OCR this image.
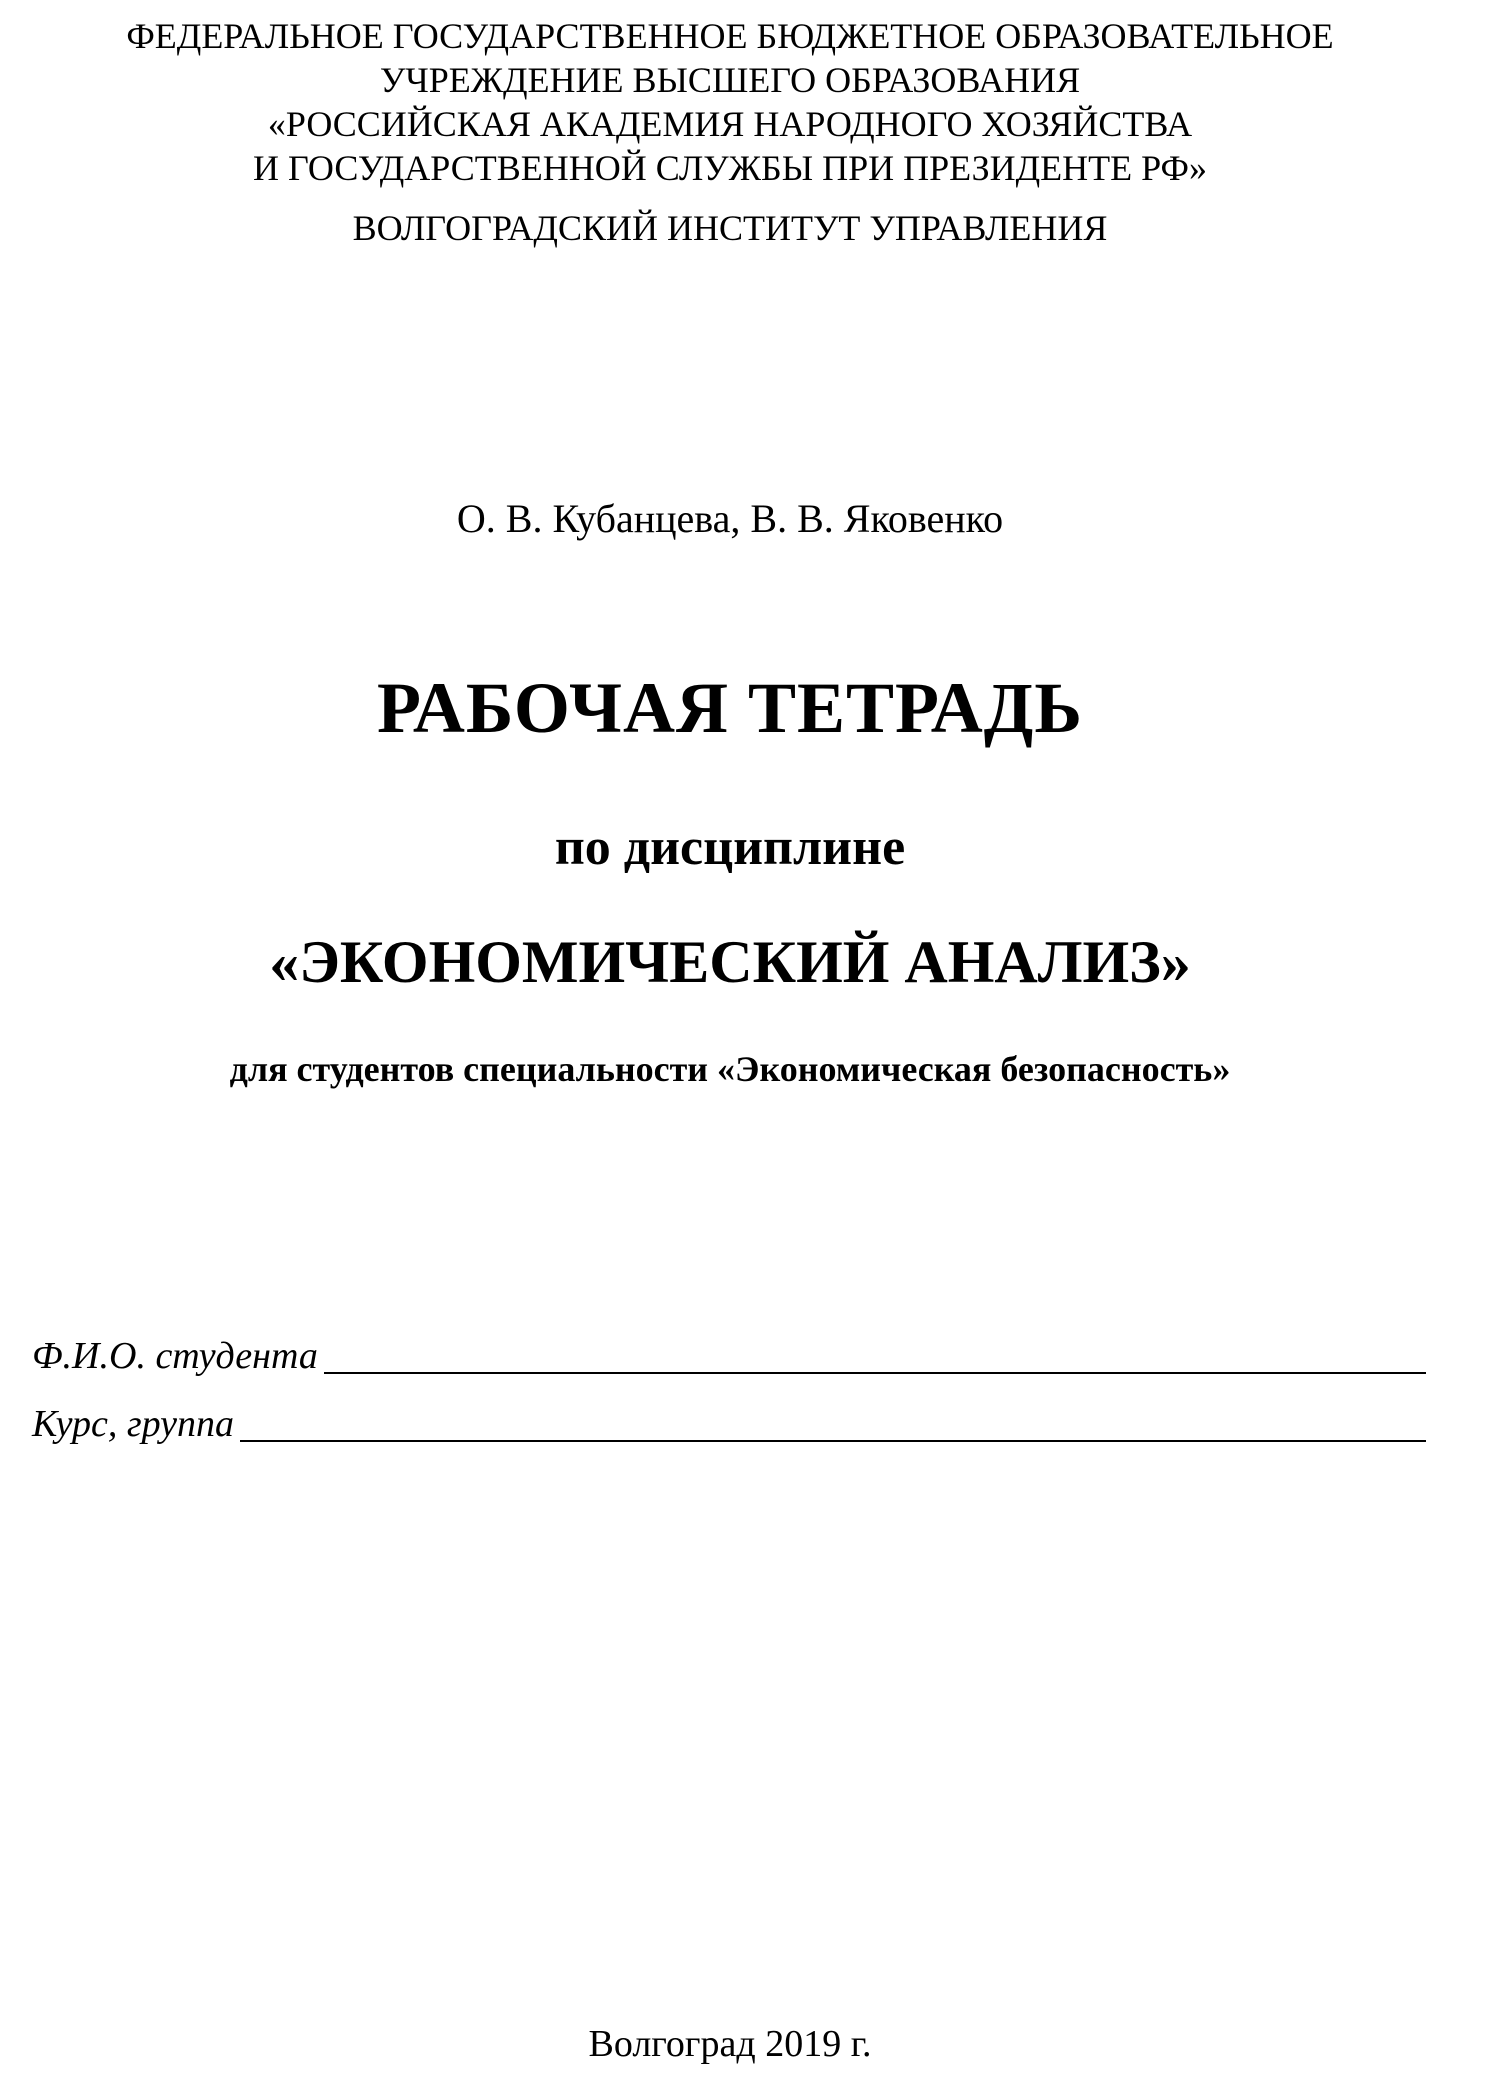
ФЕДЕРАЛЬНОЕ ГОСУДАРСТВЕННОЕ БЮДЖЕТНОЕ ОБРАЗОВАТЕЛЬНОЕ
УЧРЕЖДЕНИЕ ВЫСШЕГО ОБРАЗОВАНИЯ
«РОССИЙСКАЯ АКАДЕМИЯ НАРОДНОГО ХОЗЯЙСТВА
И ГОСУДАРСТВЕННОЙ СЛУЖБЫ ПРИ ПРЕЗИДЕНТЕ РФ»
ВОЛГОГРАДСКИЙ ИНСТИТУТ УПРАВЛЕНИЯ
О. В. Кубанцева, В. В. Яковенко
РАБОЧАЯ ТЕТРАДЬ
по дисциплине
«ЭКОНОМИЧЕСКИЙ АНАЛИЗ»
для студентов специальности «Экономическая безопасность»
Ф.И.О. студента
Курс, группа
Волгоград 2019 г.
